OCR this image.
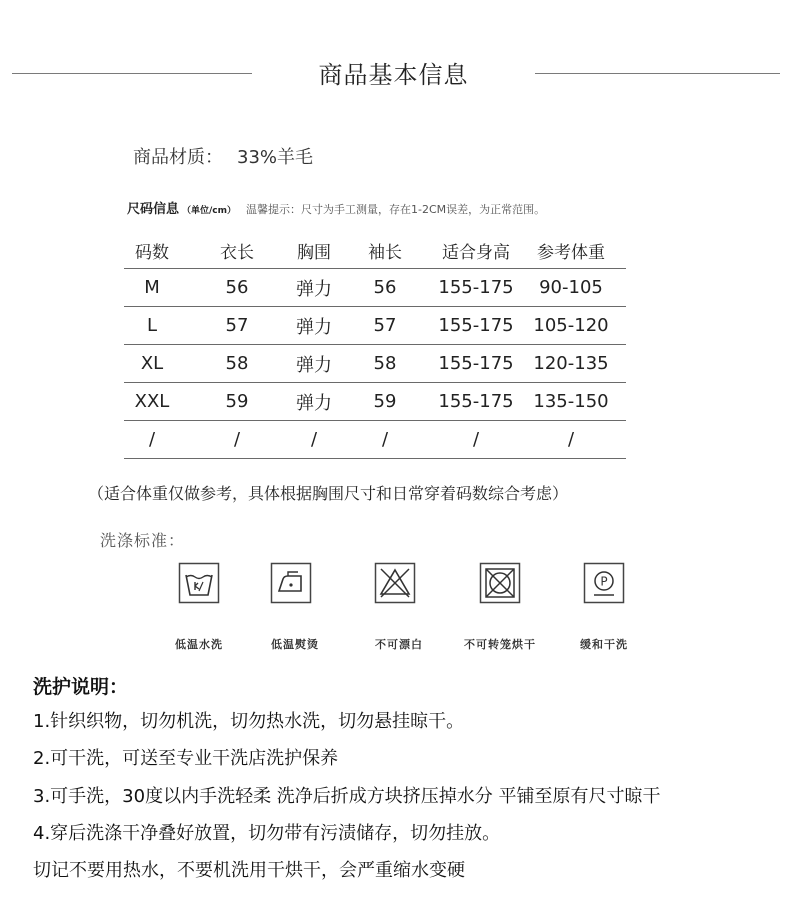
商品基本信息
商品材质： 33%羊毛
尺码信息 （单位/cm） 温馨提示：尺寸为手工测量，存在1-2CM误差，为正常范围。
码数	衣长	胸围	袖长	适合身高	参考体重
M	56	弹力	56	155-175	90-105
L	57	弹力	57	155-175	105-120
XL	58	弹力	58	155-175	120-135
XXL	59	弹力	59	155-175	135-150
/	/	/	/	/	/
（适合体重仅做参考，具体根据胸围尺寸和日常穿着码数综合考虑）
洗涤标准：
P
低温水洗	低温熨烫	不可漂白	不可转笼烘干	缓和干洗
洗护说明：
1.针织织物，切勿机洗，切勿热水洗，切勿悬挂晾干。
2.可干洗，可送至专业干洗店洗护保养
3.可手洗，30度以内手洗轻柔 洗净后折成方块挤压掉水分 平铺至原有尺寸晾干
4.穿后洗涤干净叠好放置，切勿带有污渍储存，切勿挂放。
切记不要用热水，不要机洗用干烘干，会严重缩水变硬
